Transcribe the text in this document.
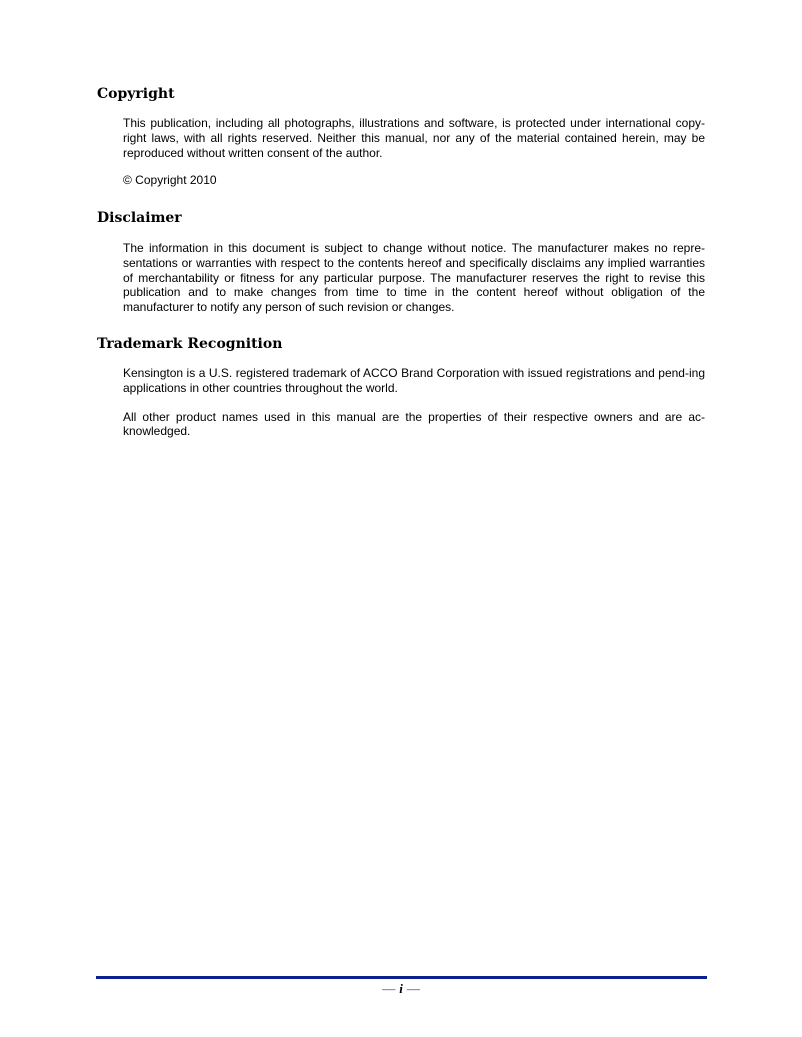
Copyright

This publication, including all photographs, illustrations and software, is protected under international copy-right laws, with all rights reserved. Neither this manual, nor any of the material contained herein, may be reproduced without written consent of the author.

© Copyright 2010

Disclaimer

The information in this document is subject to change without notice. The manufacturer makes no repre-sentations or warranties with respect to the contents hereof and specifically disclaims any implied warranties of merchantability or fitness for any particular purpose. The manufacturer reserves the right to revise this publication and to make changes from time to time in the content hereof without obligation of the manufacturer to notify any person of such revision or changes.

Trademark Recognition

Kensington is a U.S. registered trademark of ACCO Brand Corporation with issued registrations and pend-ing applications in other countries throughout the world.

All other product names used in this manual are the properties of their respective owners and are ac-knowledged.

— i —
